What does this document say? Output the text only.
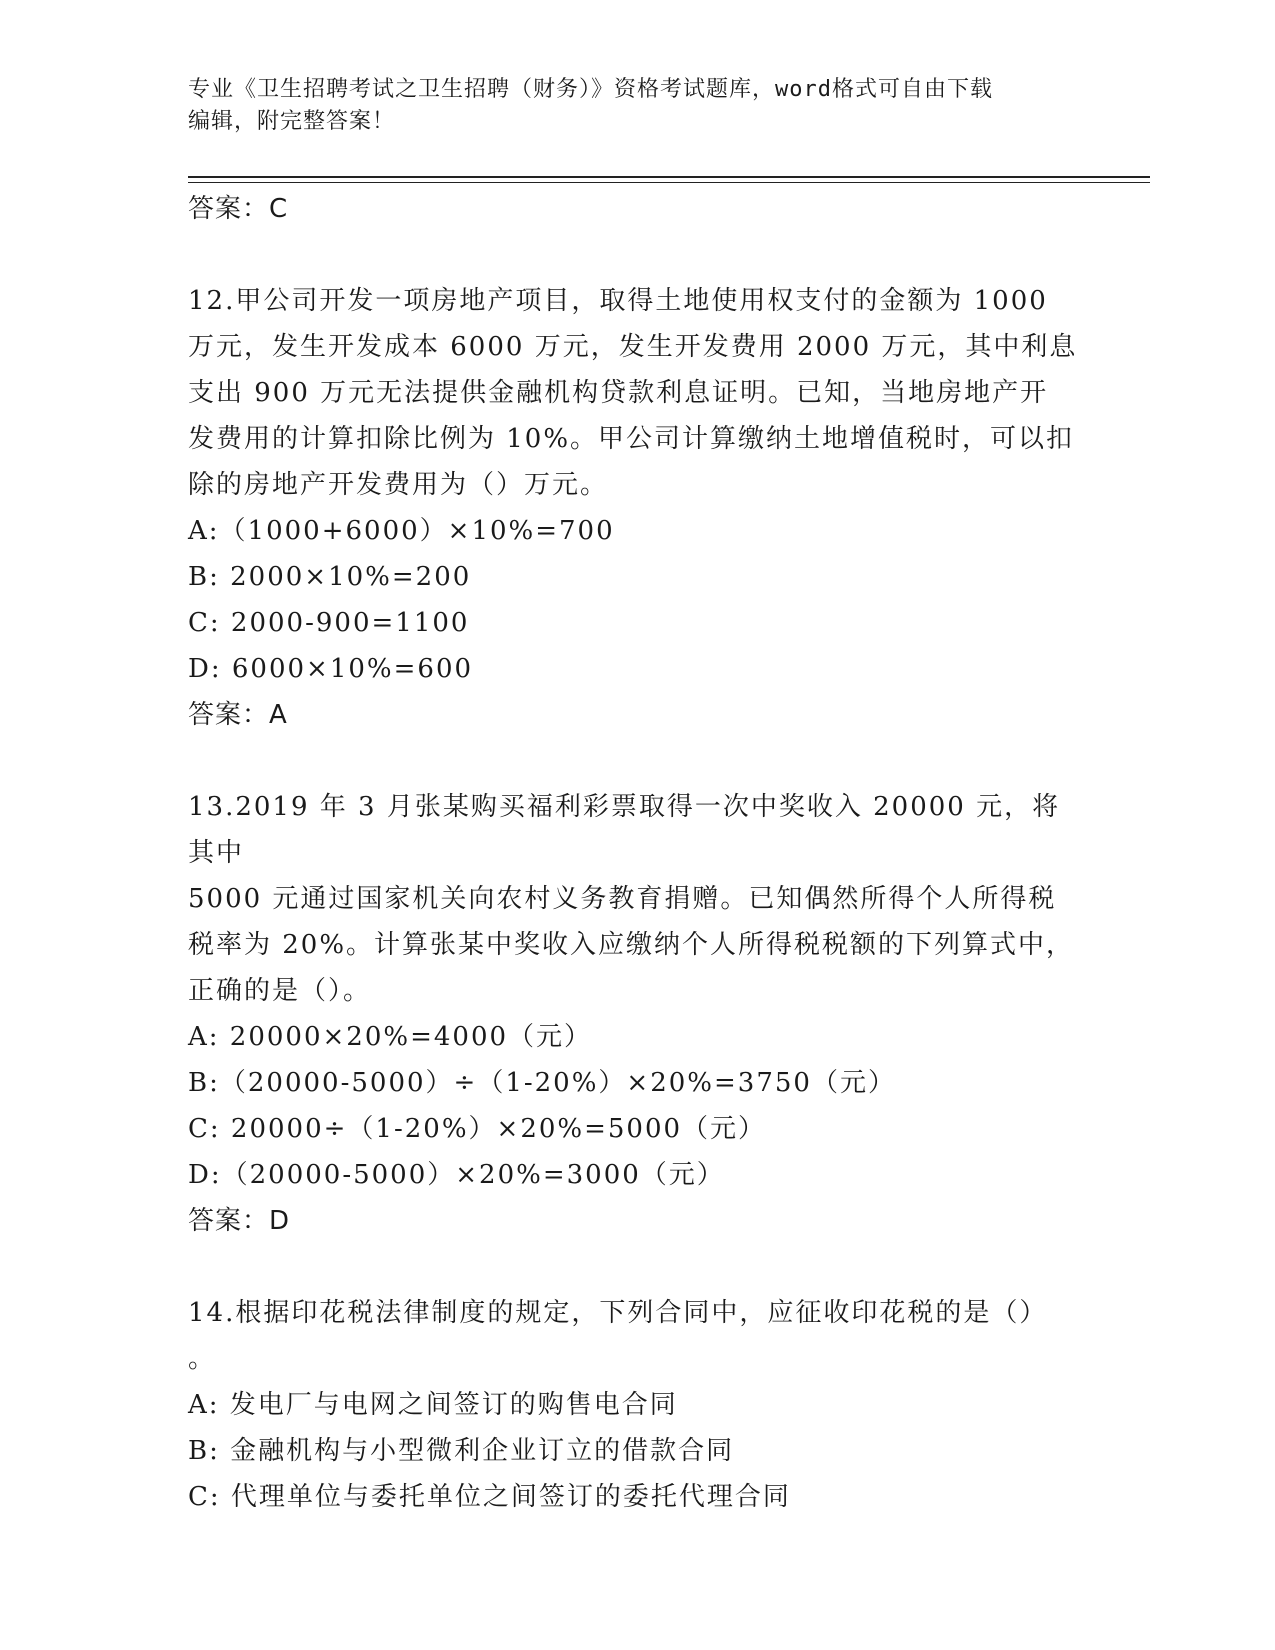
专业《卫生招聘考试之卫生招聘（财务）》资格考试题库，word格式可自由下载
编辑，附完整答案！
答案：C
12.甲公司开发一项房地产项目，取得土地使用权支付的金额为 1000
万元，发生开发成本 6000 万元，发生开发费用 2000 万元，其中利息
支出 900 万元无法提供金融机构贷款利息证明。已知，当地房地产开
发费用的计算扣除比例为 10%。甲公司计算缴纳土地增值税时，可以扣
除的房地产开发费用为（）万元。
A:（1000+6000）×10%=700
B: 2000×10%=200
C: 2000-900=1100
D: 6000×10%=600
答案：A
13.2019 年 3 月张某购买福利彩票取得一次中奖收入 20000 元，将其中
5000 元通过国家机关向农村义务教育捐赠。已知偶然所得个人所得税
税率为 20%。计算张某中奖收入应缴纳个人所得税税额的下列算式中，
正确的是（）。
A: 20000×20%=4000（元）
B:（20000-5000）÷（1-20%）×20%=3750（元）
C: 20000÷（1-20%）×20%=5000（元）
D:（20000-5000）×20%=3000（元）
答案：D
14.根据印花税法律制度的规定，下列合同中，应征收印花税的是（）
。
A: 发电厂与电网之间签订的购售电合同
B: 金融机构与小型微利企业订立的借款合同
C: 代理单位与委托单位之间签订的委托代理合同
